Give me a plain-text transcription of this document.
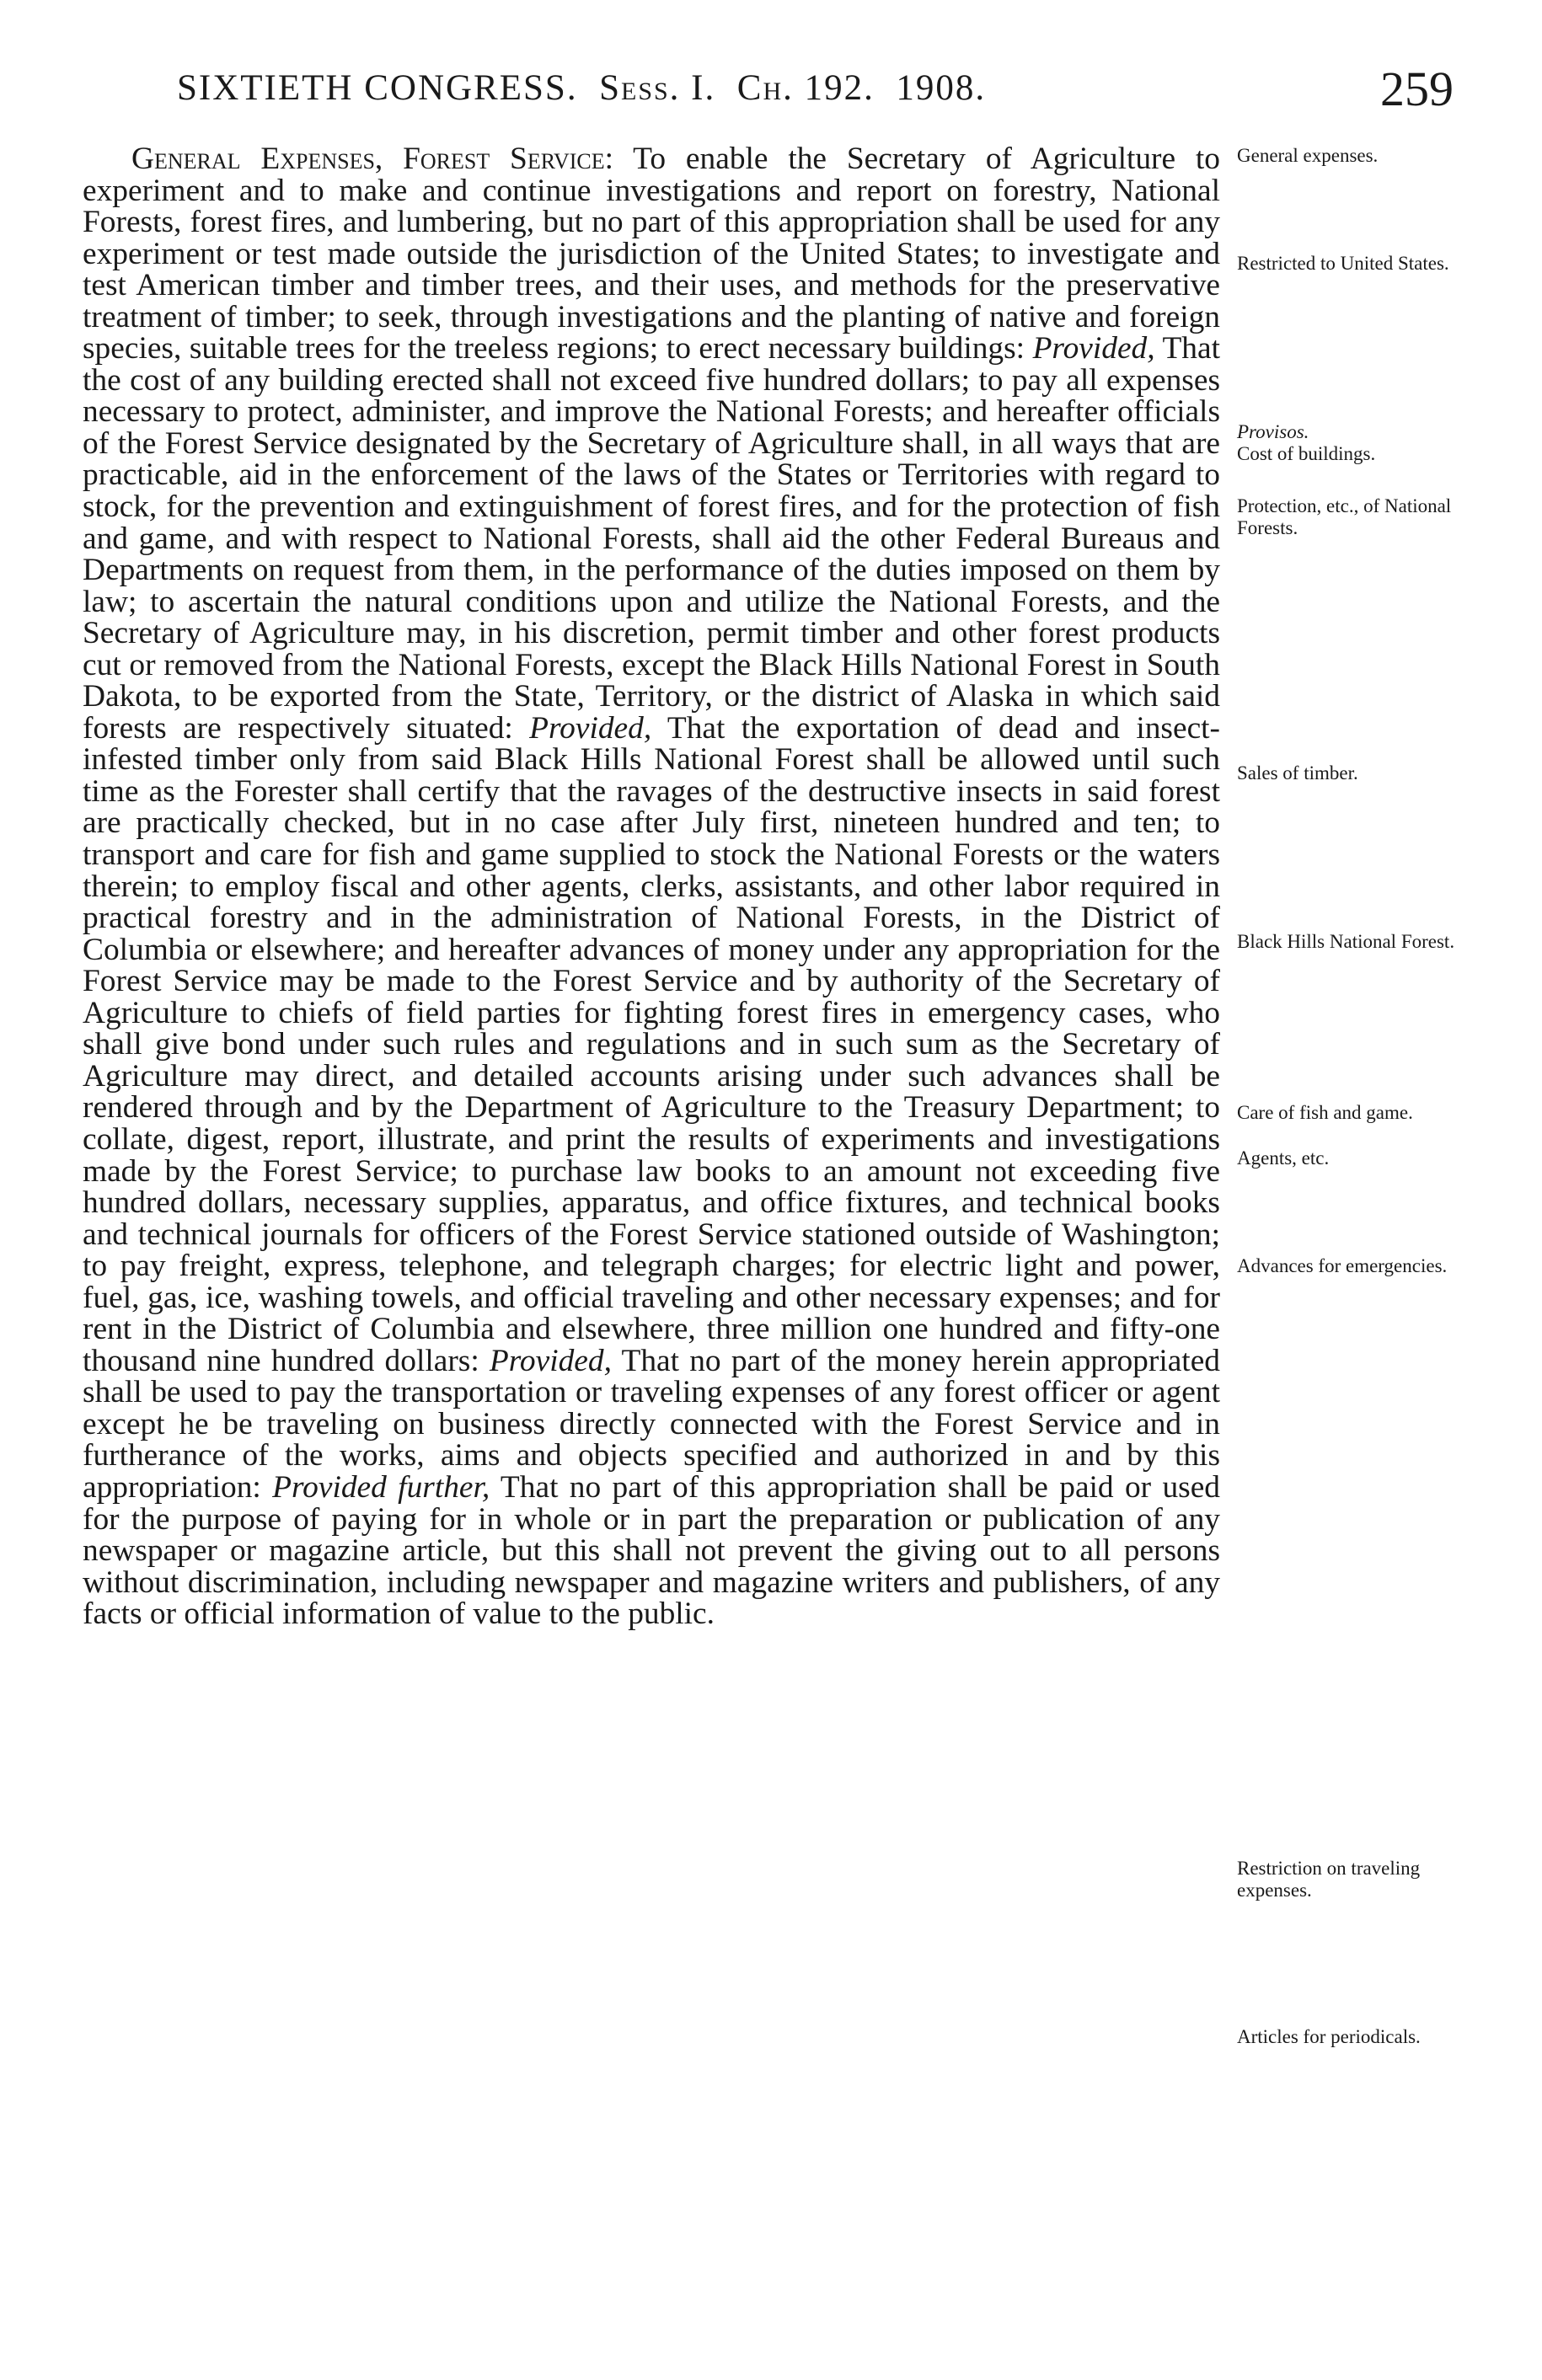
SIXTIETH CONGRESS. Sess. I. Ch. 192. 1908.	259

General Expenses, Forest Service: To enable the Secretary of Agriculture to experiment and to make and continue investigations and report on forestry, National Forests, forest fires, and lumbering, but no part of this appropriation shall be used for any experiment or test made outside the jurisdiction of the United States; to investigate and test American timber and timber trees, and their uses, and methods for the preservative treatment of timber; to seek, through investigations and the planting of native and foreign species, suitable trees for the treeless regions; to erect necessary buildings: Provided, That the cost of any building erected shall not exceed five hundred dollars; to pay all expenses necessary to protect, administer, and improve the National Forests; and hereafter officials of the Forest Service designated by the Secretary of Agriculture shall, in all ways that are practicable, aid in the enforcement of the laws of the States or Territories with regard to stock, for the prevention and extinguishment of forest fires, and for the protection of fish and game, and with respect to National Forests, shall aid the other Federal Bureaus and Departments on request from them, in the performance of the duties imposed on them by law; to ascertain the natural conditions upon and utilize the National Forests, and the Secretary of Agriculture may, in his discretion, permit timber and other forest products cut or removed from the National Forests, except the Black Hills National Forest in South Dakota, to be exported from the State, Territory, or the district of Alaska in which said forests are respectively situated: Provided, That the exportation of dead and insect-infested timber only from said Black Hills National Forest shall be allowed until such time as the Forester shall certify that the ravages of the destructive insects in said forest are practically checked, but in no case after July first, nineteen hundred and ten; to transport and care for fish and game supplied to stock the National Forests or the waters therein; to employ fiscal and other agents, clerks, assistants, and other labor required in practical forestry and in the administration of National Forests, in the District of Columbia or elsewhere; and hereafter advances of money under any appropriation for the Forest Service may be made to the Forest Service and by authority of the Secretary of Agriculture to chiefs of field parties for fighting forest fires in emergency cases, who shall give bond under such rules and regulations and in such sum as the Secretary of Agriculture may direct, and detailed accounts arising under such advances shall be rendered through and by the Department of Agriculture to the Treasury Department; to collate, digest, report, illustrate, and print the results of experiments and investigations made by the Forest Service; to purchase law books to an amount not exceeding five hundred dollars, necessary supplies, apparatus, and office fixtures, and technical books and technical journals for officers of the Forest Service stationed outside of Washington; to pay freight, express, telephone, and telegraph charges; for electric light and power, fuel, gas, ice, washing towels, and official traveling and other necessary expenses; and for rent in the District of Columbia and elsewhere, three million one hundred and fifty-one thousand nine hundred dollars: Provided, That no part of the money herein appropriated shall be used to pay the transportation or traveling expenses of any forest officer or agent except he be traveling on business directly connected with the Forest Service and in furtherance of the works, aims and objects specified and authorized in and by this appropriation: Provided further, That no part of this appropriation shall be paid or used for the purpose of paying for in whole or in part the preparation or publication of any newspaper or magazine article, but this shall not prevent the giving out to all persons without discrimination, including newspaper and magazine writers and publishers, of any facts or official information of value to the public.

General expenses.
Restricted to United States.
Provisos.
Cost of buildings.
Protection, etc., of National Forests.
Sales of timber.
Black Hills National Forest.
Care of fish and game.
Agents, etc.
Advances for emergencies.
Restriction on traveling expenses.
Articles for periodicals.
